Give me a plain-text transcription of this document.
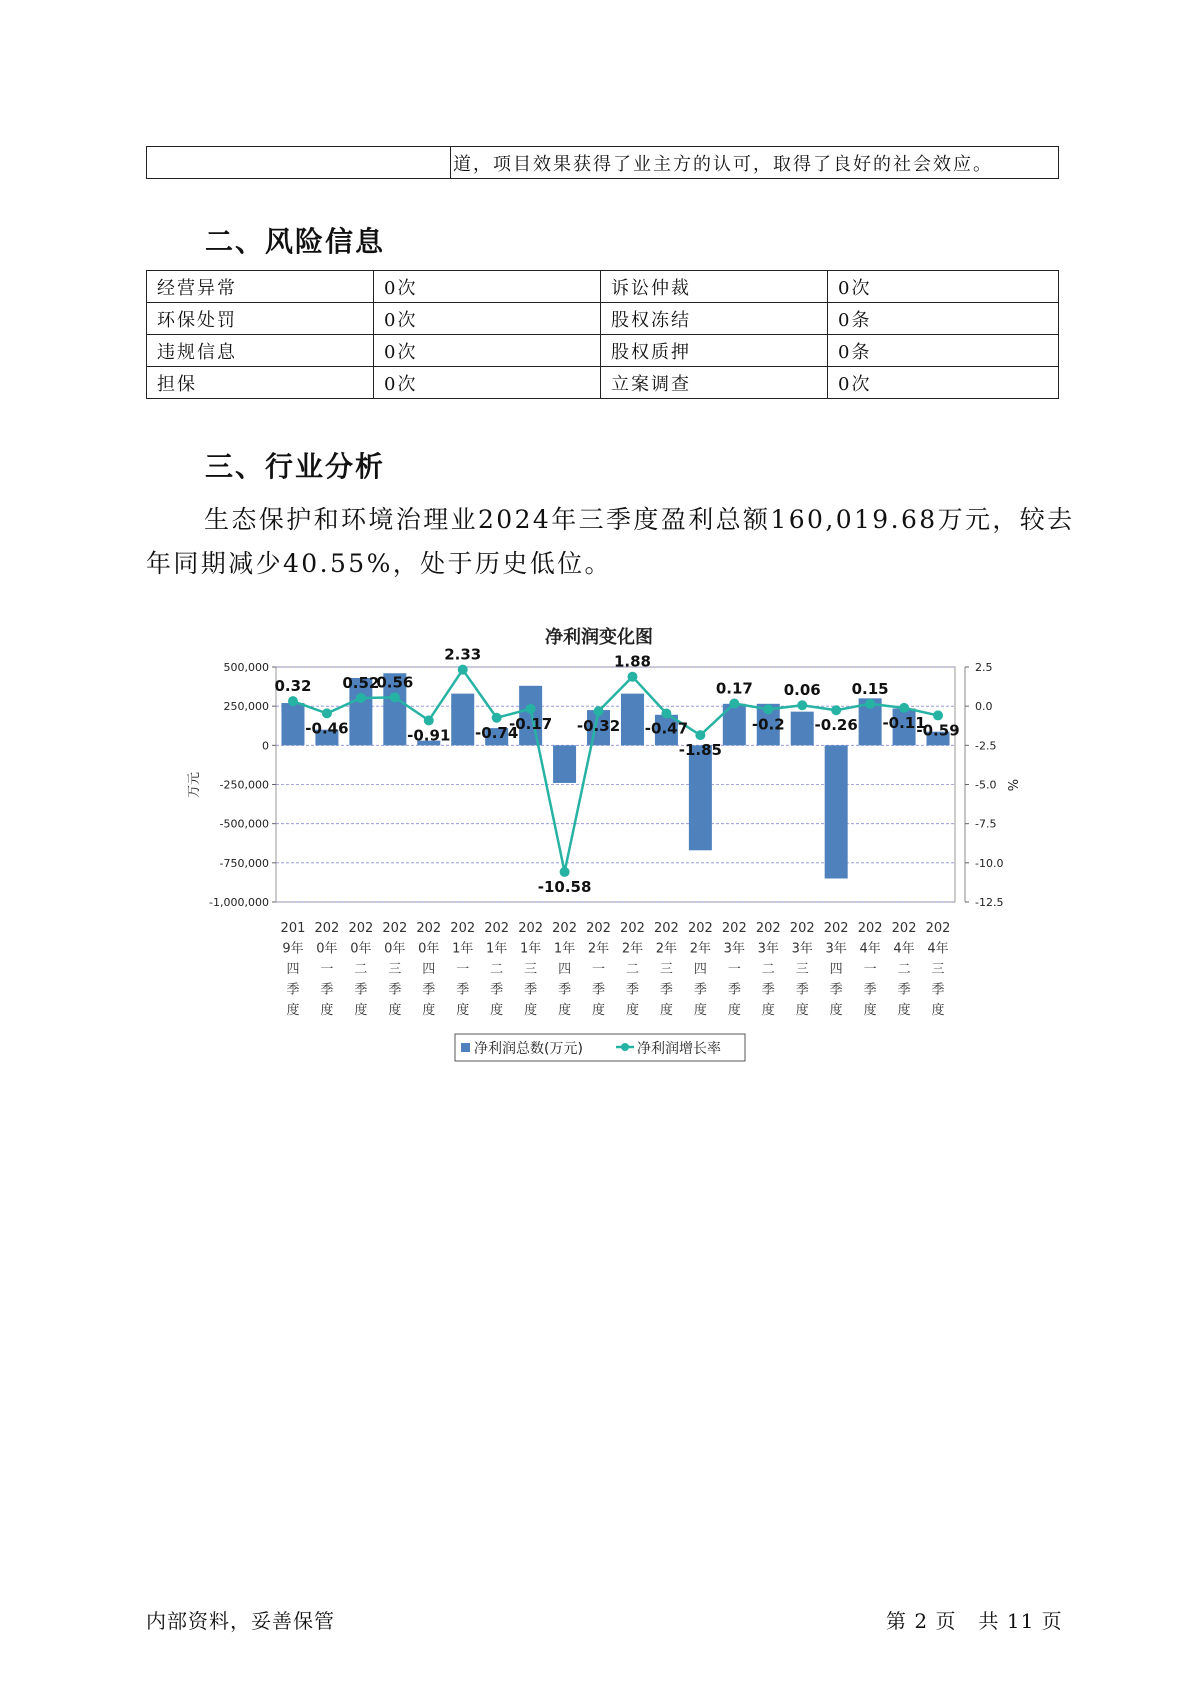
	道，项目效果获得了业主方的认可，取得了良好的社会效应。
二、风险信息
经营异常	0次	诉讼仲裁	0次
环保处罚	0次	股权冻结	0条
违规信息	0次	股权质押	0条
担保	0次	立案调查	0次
三、行业分析

生态保护和环境治理业2024年三季度盈利总额160,019.68万元，较去
年同期减少40.55%，处于历史低位。

净利润变化图
500,000
250,000
0
-250,000
-500,000
-750,000
-1,000,000
2.5
0.0
-2.5
-5.0
-7.5
-10.0
-12.5
万元	%
0.32
-0.46
0.52
0.56
-0.91
2.33
-0.74
-0.17
-10.58
-0.32
1.88
-0.47
-1.85
0.17
-0.2
0.06
-0.26
0.15
-0.11
-0.59
201
9年
四
季
度
202
0年
一
季
度
202
0年
二
季
度
202
0年
三
季
度
202
0年
四
季
度
202
1年
一
季
度
202
1年
二
季
度
202
1年
三
季
度
202
1年
四
季
度
202
2年
一
季
度
202
2年
二
季
度
202
2年
三
季
度
202
2年
四
季
度
202
3年
一
季
度
202
3年
二
季
度
202
3年
三
季
度
202
3年
四
季
度
202
4年
一
季
度
202
4年
二
季
度
202
4年
三
季
度
净利润总数(万元)	净利润增长率
内部资料，妥善保管	第 2 页   共 11 页
